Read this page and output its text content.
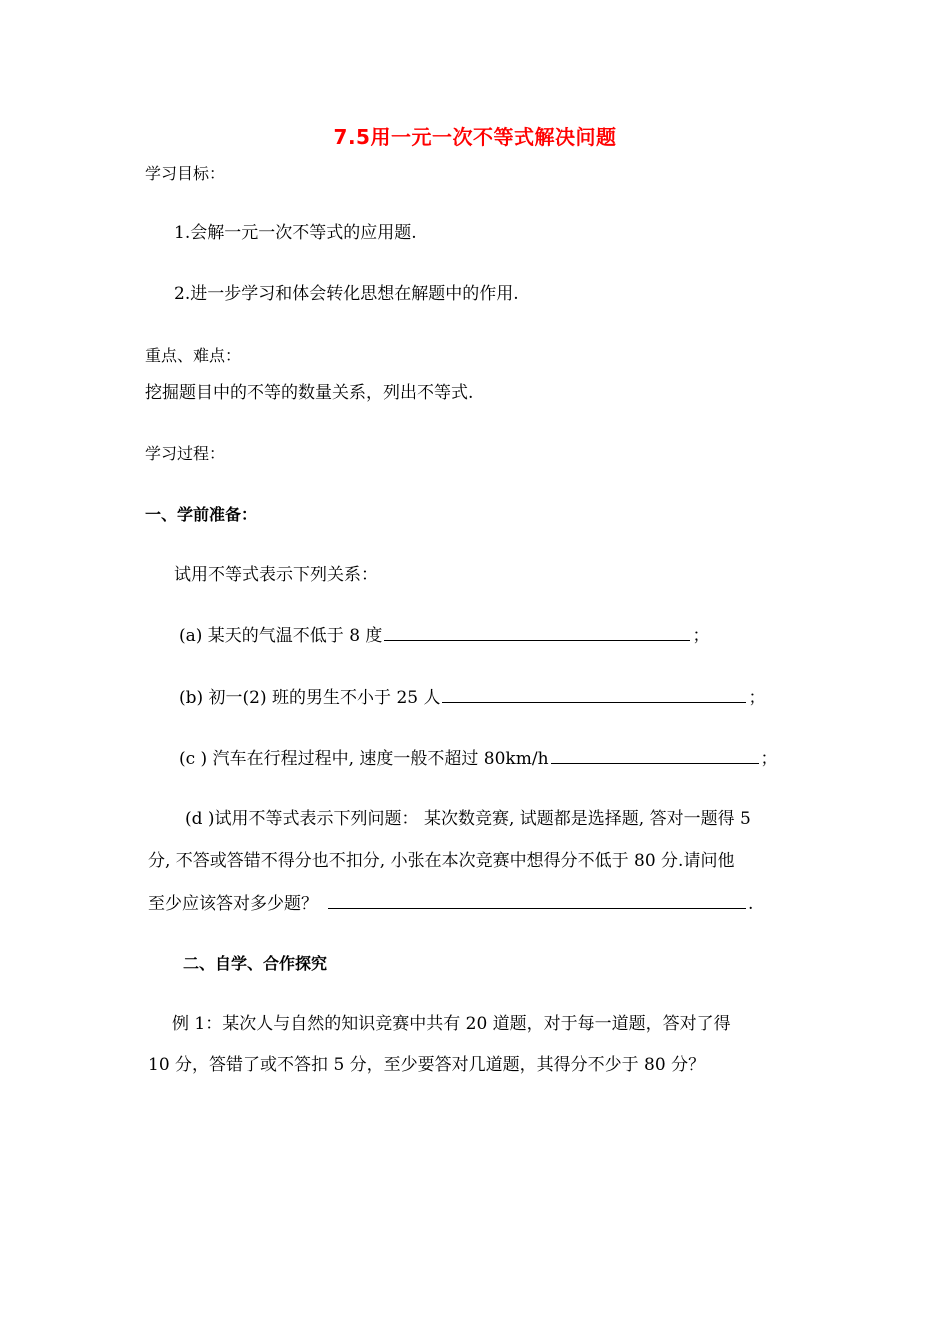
7.5用一元一次不等式解决问题
学习目标：
1.会解一元一次不等式的应用题.
2.进一步学习和体会转化思想在解题中的作用.
重点、难点：
挖掘题目中的不等的数量关系，列出不等式.
学习过程：
一、学前准备：
试用不等式表示下列关系：
(a) 某天的气温不低于 8 度	；
(b) 初一(2) 班的男生不小于 25 人	；
(c ) 汽车在行程过程中, 速度一般不超过 80km/h	；
(d )试用不等式表示下列问题： 某次数竞赛, 试题都是选择题, 答对一题得 5
分, 不答或答错不得分也不扣分, 小张在本次竞赛中想得分不低于 80 分.请问他
至少应该答对多少题？	.
二、自学、合作探究
例 1：某次人与自然的知识竞赛中共有 20 道题，对于每一道题，答对了得
10 分，答错了或不答扣 5 分，至少要答对几道题，其得分不少于 80 分？
